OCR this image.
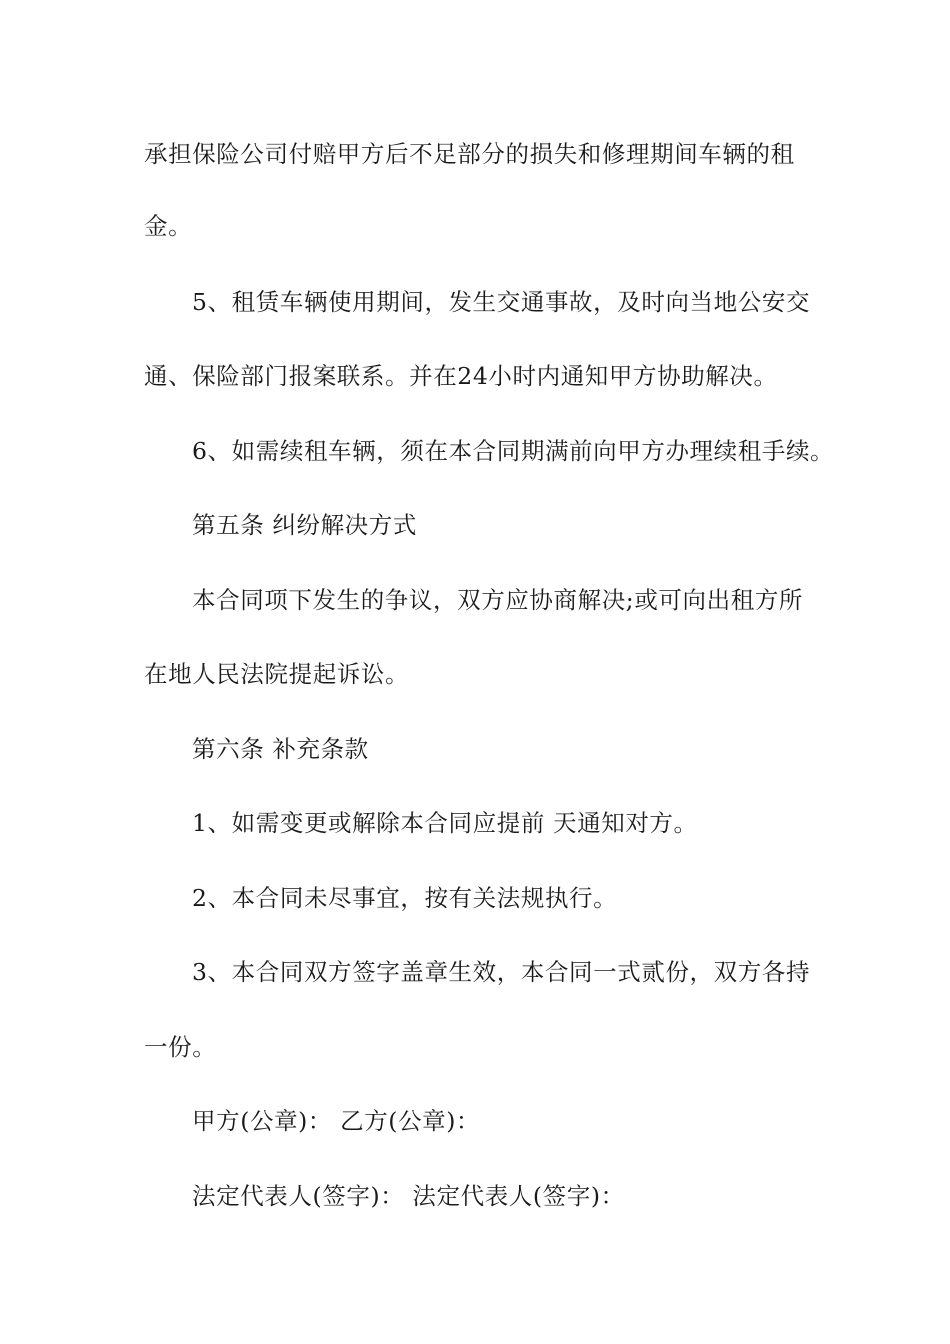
承担保险公司付赔甲方后不足部分的损失和修理期间车辆的租
金。
5、租赁车辆使用期间，发生交通事故，及时向当地公安交
通、保险部门报案联系。并在24小时内通知甲方协助解决。
6、如需续租车辆，须在本合同期满前向甲方办理续租手续。
第五条 纠纷解决方式
本合同项下发生的争议，双方应协商解决;或可向出租方所
在地人民法院提起诉讼。
第六条 补充条款
1、如需变更或解除本合同应提前 天通知对方。
2、本合同未尽事宜，按有关法规执行。
3、本合同双方签字盖章生效，本合同一式贰份，双方各持
一份。
甲方(公章)： 乙方(公章)：
法定代表人(签字)： 法定代表人(签字)：
